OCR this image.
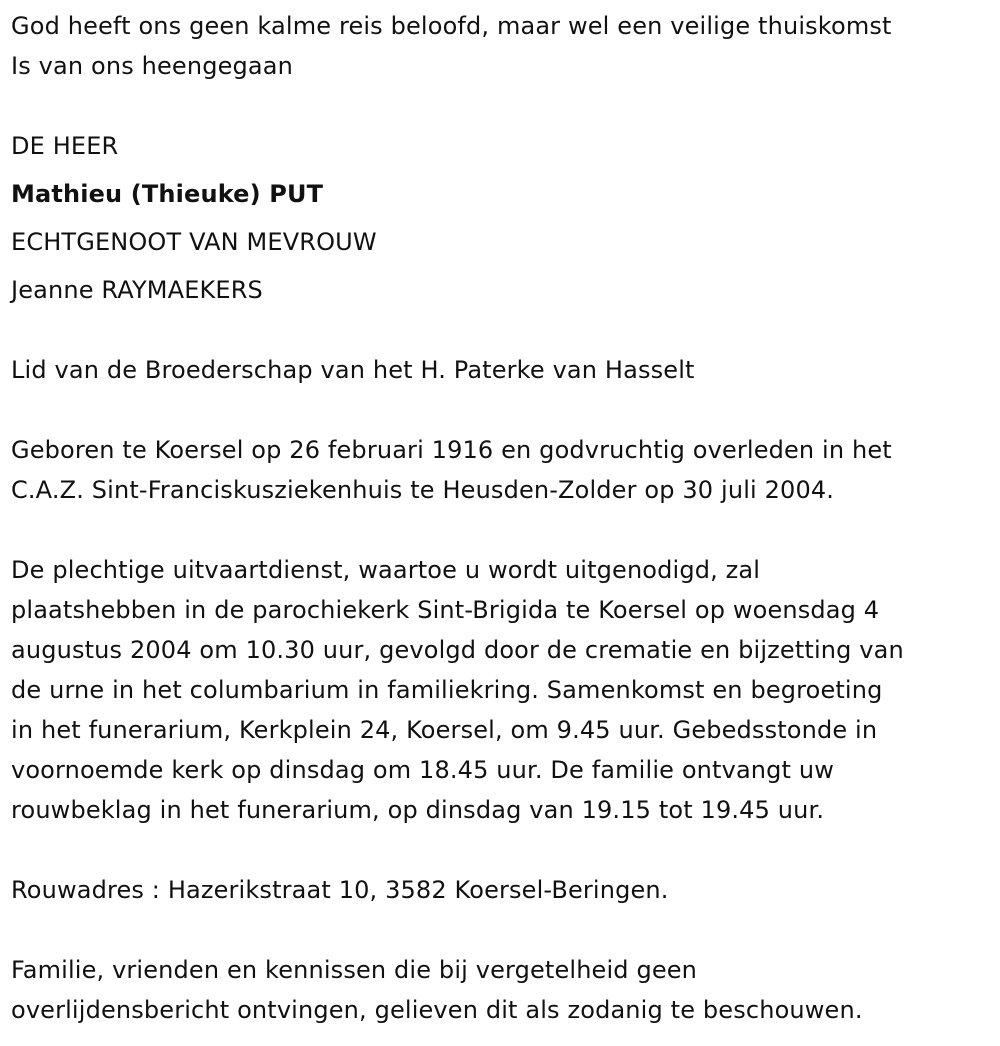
God heeft ons geen kalme reis beloofd, maar wel een veilige thuiskomst
Is van ons heengegaan
DE HEER
Mathieu (Thieuke) PUT
ECHTGENOOT VAN MEVROUW
Jeanne RAYMAEKERS
Lid van de Broederschap van het H. Paterke van Hasselt
Geboren te Koersel op 26 februari 1916 en godvruchtig overleden in het
C.A.Z. Sint-Franciskusziekenhuis te Heusden-Zolder op 30 juli 2004.
De plechtige uitvaartdienst, waartoe u wordt uitgenodigd, zal
plaatshebben in de parochiekerk Sint-Brigida te Koersel op woensdag 4
augustus 2004 om 10.30 uur, gevolgd door de crematie en bijzetting van
de urne in het columbarium in familiekring. Samenkomst en begroeting
in het funerarium, Kerkplein 24, Koersel, om 9.45 uur. Gebedsstonde in
voornoemde kerk op dinsdag om 18.45 uur. De familie ontvangt uw
rouwbeklag in het funerarium, op dinsdag van 19.15 tot 19.45 uur.
Rouwadres : Hazerikstraat 10, 3582 Koersel-Beringen.
Familie, vrienden en kennissen die bij vergetelheid geen
overlijdensbericht ontvingen, gelieven dit als zodanig te beschouwen.
